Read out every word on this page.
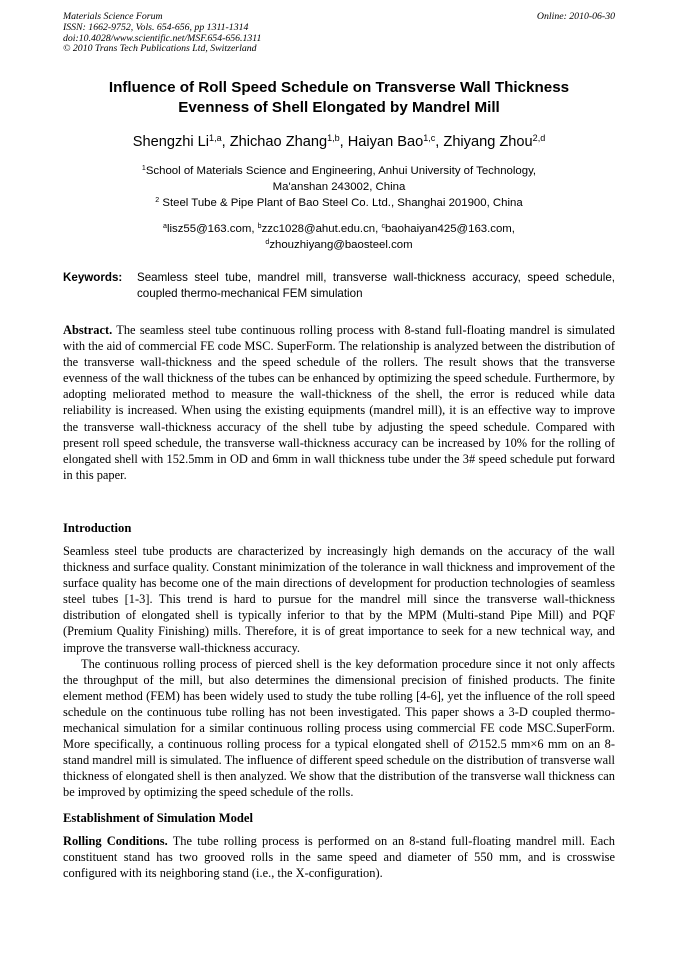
Materials Science Forum
ISSN: 1662-9752, Vols. 654-656, pp 1311-1314
doi:10.4028/www.scientific.net/MSF.654-656.1311
© 2010 Trans Tech Publications Ltd, Switzerland
Online: 2010-06-30
Influence of Roll Speed Schedule on Transverse Wall Thickness
Evenness of Shell Elongated by Mandrel Mill
Shengzhi Li$^{1,a}$, Zhichao Zhang$^{1,b}$, Haiyan Bao$^{1,c}$, Zhiyang Zhou$^{2,d}$
$^1$School of Materials Science and Engineering, Anhui University of Technology,
Ma'anshan 243002, China
$^2$ Steel Tube & Pipe Plant of Bao Steel Co. Ltd., Shanghai 201900, China
$^a$lisz55@163.com, $^b$zzc1028@ahut.edu.cn, $^c$baohaiyan425@163.com,
$^d$zhouzhiyang@baosteel.com
Keywords:	Seamless steel tube, mandrel mill, transverse wall-thickness accuracy, speed schedule, coupled thermo-mechanical FEM simulation

Abstract. The seamless steel tube continuous rolling process with 8-stand full-floating mandrel is simulated with the aid of commercial FE code MSC. SuperForm. The relationship is analyzed between the distribution of the transverse wall-thickness and the speed schedule of the rollers. The result shows that the transverse evenness of the wall thickness of the tubes can be enhanced by optimizing the speed schedule. Furthermore, by adopting meliorated method to measure the wall-thickness of the shell, the error is reduced while data reliability is increased. When using the existing equipments (mandrel mill), it is an effective way to improve the transverse wall-thickness accuracy of the shell tube by adjusting the speed schedule. Compared with present roll speed schedule, the transverse wall-thickness accuracy can be increased by 10% for the rolling of elongated shell with 152.5mm in OD and 6mm in wall thickness tube under the 3# speed schedule put forward in this paper.

Introduction

Seamless steel tube products are characterized by increasingly high demands on the accuracy of the wall thickness and surface quality. Constant minimization of the tolerance in wall thickness and improvement of the surface quality has become one of the main directions of development for production technologies of seamless steel tubes [1-3]. This trend is hard to pursue for the mandrel mill since the transverse wall-thickness distribution of elongated shell is typically inferior to that by the MPM (Multi-stand Pipe Mill) and PQF (Premium Quality Finishing) mills. Therefore, it is of great importance to seek for a new technical way, and improve the transverse wall-thickness accuracy.

The continuous rolling process of pierced shell is the key deformation procedure since it not only affects the throughput of the mill, but also determines the dimensional precision of finished products. The finite element method (FEM) has been widely used to study the tube rolling [4-6], yet the influence of the roll speed schedule on the continuous tube rolling has not been investigated. This paper shows a 3-D coupled thermo- mechanical simulation for a similar continuous rolling process using commercial FE code MSC.SuperForm. More specifically, a continuous rolling process for a typical elongated shell of ∅152.5 mm×6 mm on an 8-stand mandrel mill is simulated. The influence of different speed schedule on the distribution of transverse wall thickness of elongated shell is then analyzed. We show that the distribution of the transverse wall thickness can be improved by optimizing the speed schedule of the rolls.

Establishment of Simulation Model

Rolling Conditions. The tube rolling process is performed on an 8-stand full-floating mandrel mill. Each constituent stand has two grooved rolls in the same speed and diameter of 550 mm, and is crosswise configured with its neighboring stand (i.e., the X-configuration).
